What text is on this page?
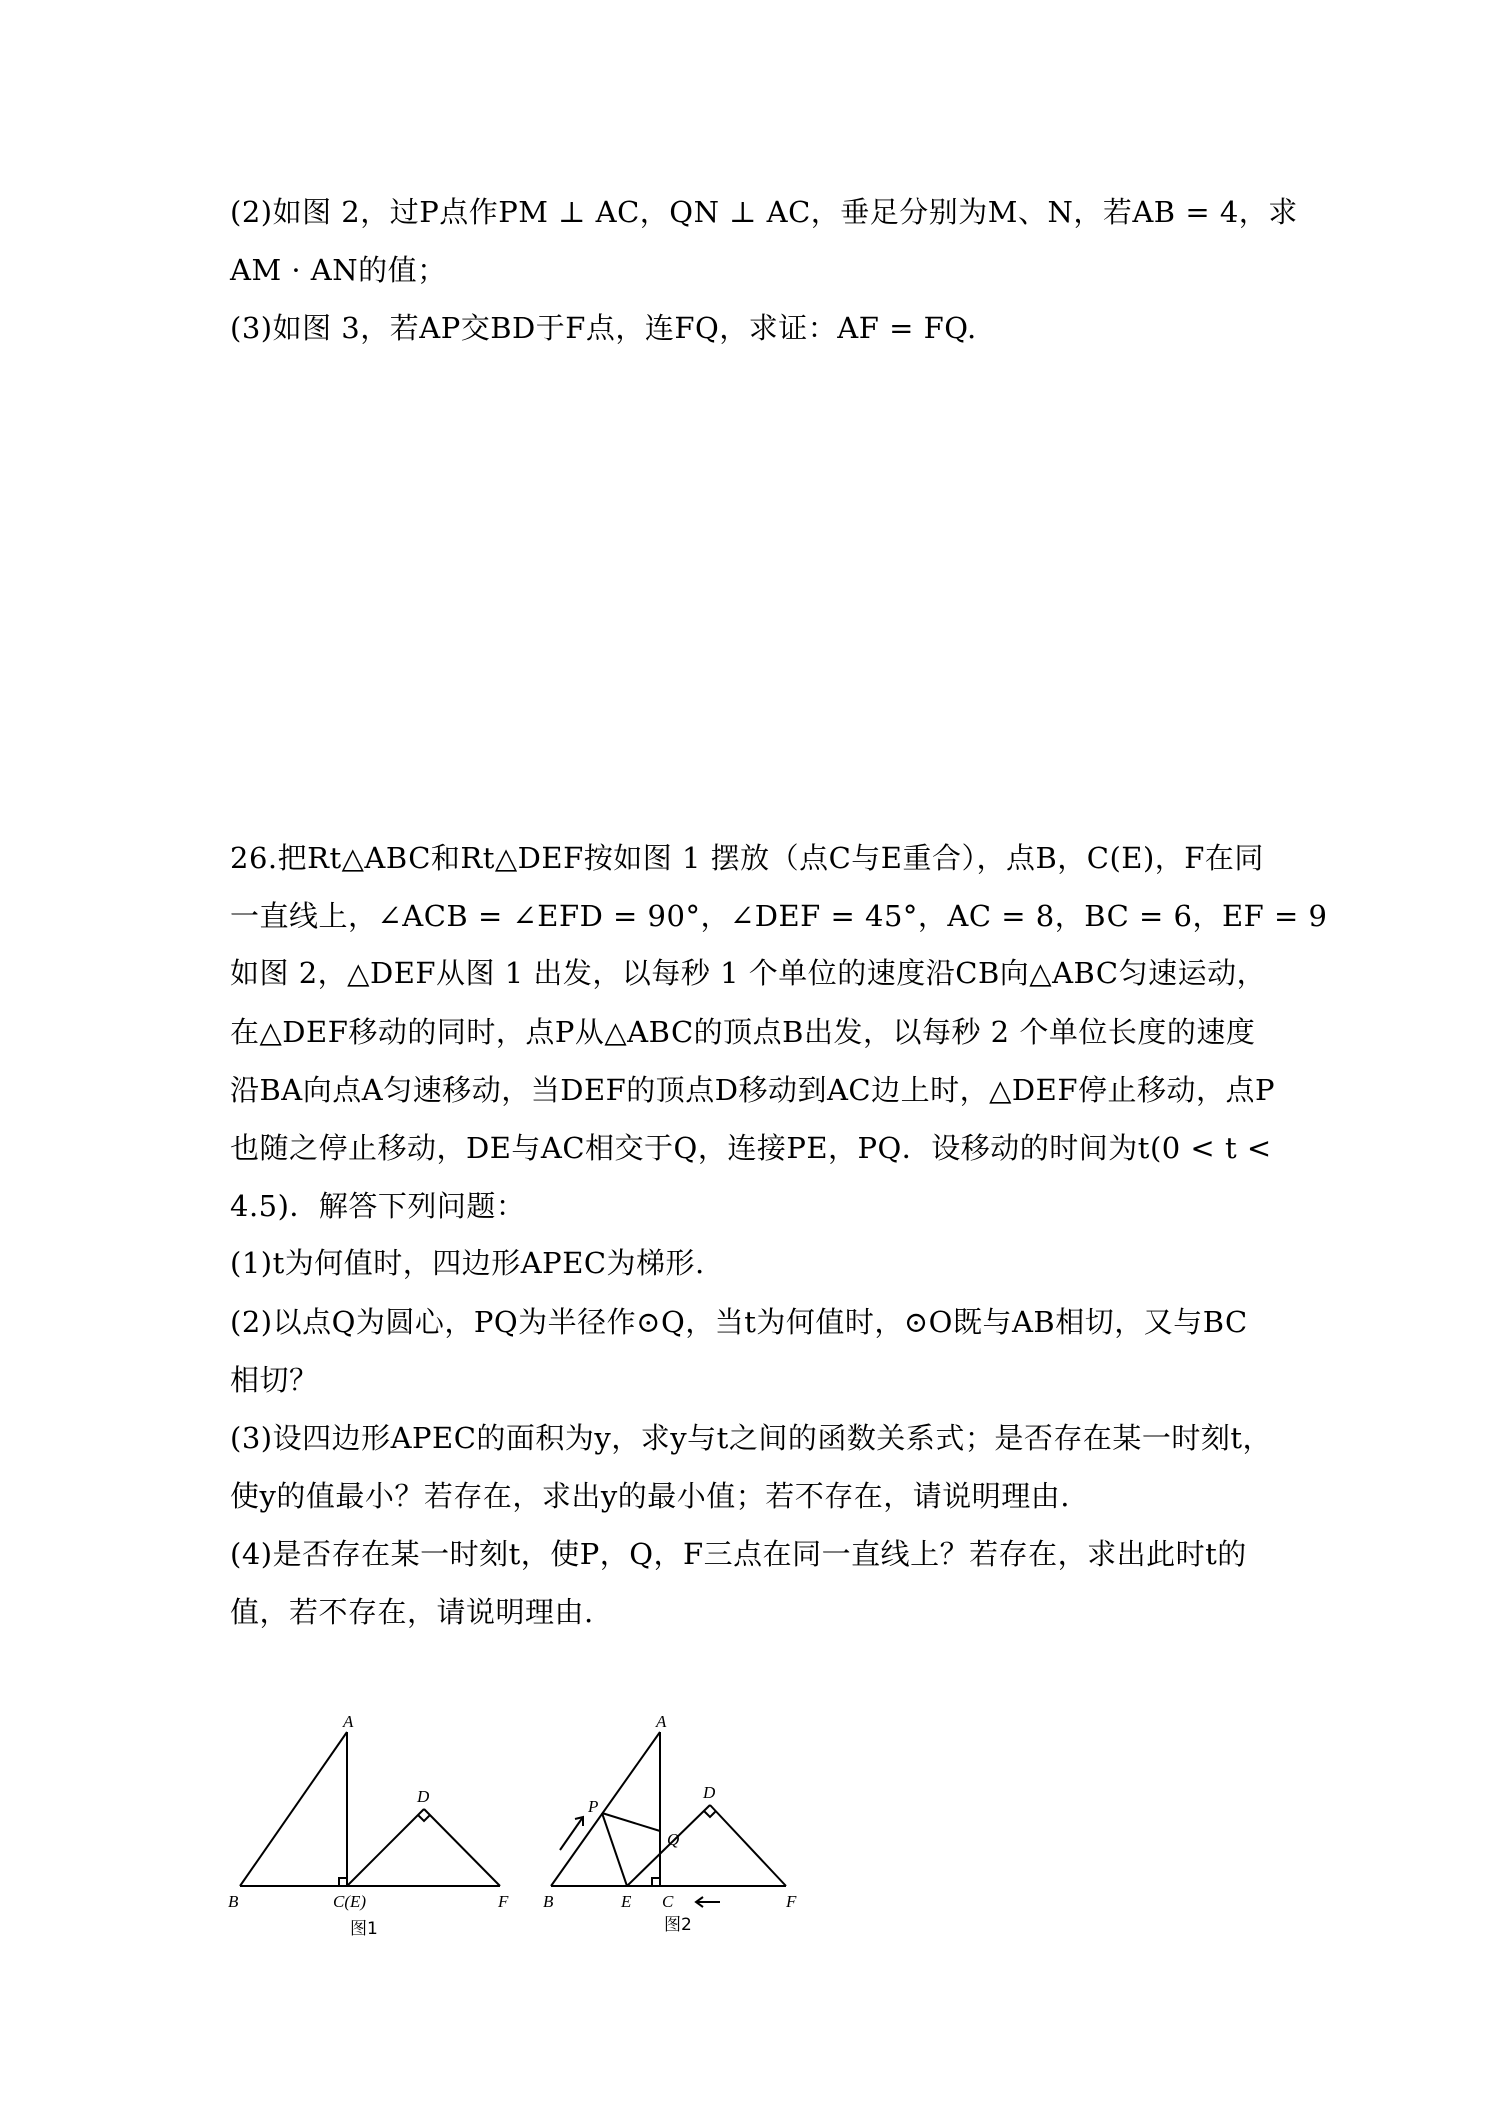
(2)如图 2，过P点作PM ⊥ AC，QN ⊥ AC，垂足分别为M、N，若AB = 4，求
AM · AN的值；
(3)如图 3，若AP交BD于F点，连FQ，求证：AF = FQ.
26.把Rt△ABC和Rt△DEF按如图 1 摆放（点C与E重合），点B，C(E)，F在同
一直线上，∠ACB = ∠EFD = 90°，∠DEF = 45°，AC = 8，BC = 6，EF = 9
如图 2，△DEF从图 1 出发，以每秒 1 个单位的速度沿CB向△ABC匀速运动，
在△DEF移动的同时，点P从△ABC的顶点B出发，以每秒 2 个单位长度的速度
沿BA向点A匀速移动，当DEF的顶点D移动到AC边上时，△DEF停止移动，点P
也随之停止移动，DE与AC相交于Q，连接PE，PQ．设移动的时间为t(0 < t <
4.5)．解答下列问题：
(1)t为何值时，四边形APEC为梯形.
(2)以点Q为圆心，PQ为半径作⊙Q，当t为何值时，⊙O既与AB相切，又与BC
相切？
(3)设四边形APEC的面积为y，求y与t之间的函数关系式；是否存在某一时刻t，
使y的值最小？若存在，求出y的最小值；若不存在，请说明理由.
(4)是否存在某一时刻t，使P，Q，F三点在同一直线上？若存在，求出此时t的
值，若不存在，请说明理由.
A
B	C(E)
D
F
图1
A
B
P
Q
D
E C	F
图2
